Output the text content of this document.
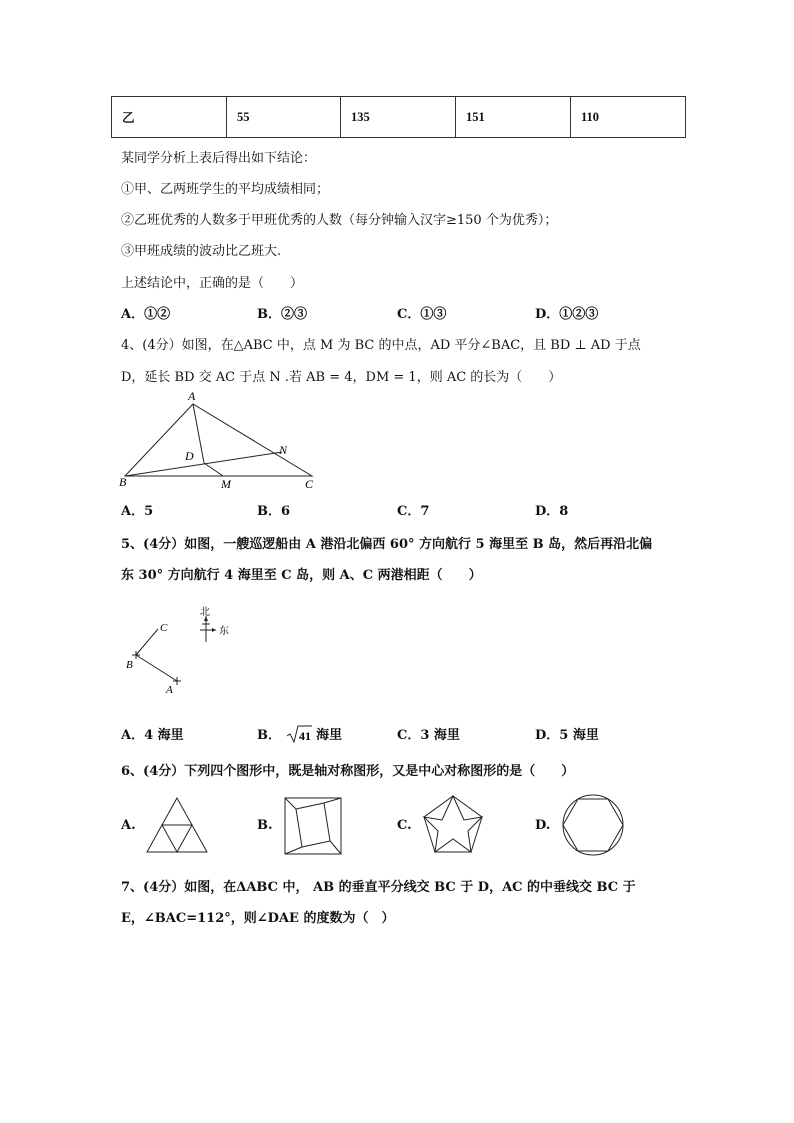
乙	55	135	151	110
某同学分析上表后得出如下结论：
①甲、乙两班学生的平均成绩相同；
②乙班优秀的人数多于甲班优秀的人数（每分钟输入汉字≥150 个为优秀）；
③甲班成绩的波动比乙班大.
上述结论中，正确的是（　　）
A．①②	B．②③	C．①③	D．①②③
4、(4分）如图，在△ABC 中，点 M 为 BC 的中点，AD 平分∠BAC，且 BD ⊥ AD 于点
D，延长 BD 交 AC 于点 N .若 AB = 4，DM = 1，则 AC 的长为（　　）
A
B	C
D
M
N
A．5	B．6	C．7	D．8
5、(4分）如图，一艘巡逻船由 A 港沿北偏西 60° 方向航行 5 海里至 B 岛，然后再沿北偏
东 30° 方向航行 4 海里至 C 岛，则 A、C 两港相距（　　）
C
B
A
北
东
A．4 海里	B． 41 海里	C．3 海里	D．5 海里
6、(4分）下列四个图形中，既是轴对称图形，又是中心对称图形的是（　　）
A.	B.	C.	D.
7、(4分）如图，在ΔABC 中， AB 的垂直平分线交 BC 于 D，AC 的中垂线交 BC 于
E，∠BAC=112°，则∠DAE 的度数为（　）
